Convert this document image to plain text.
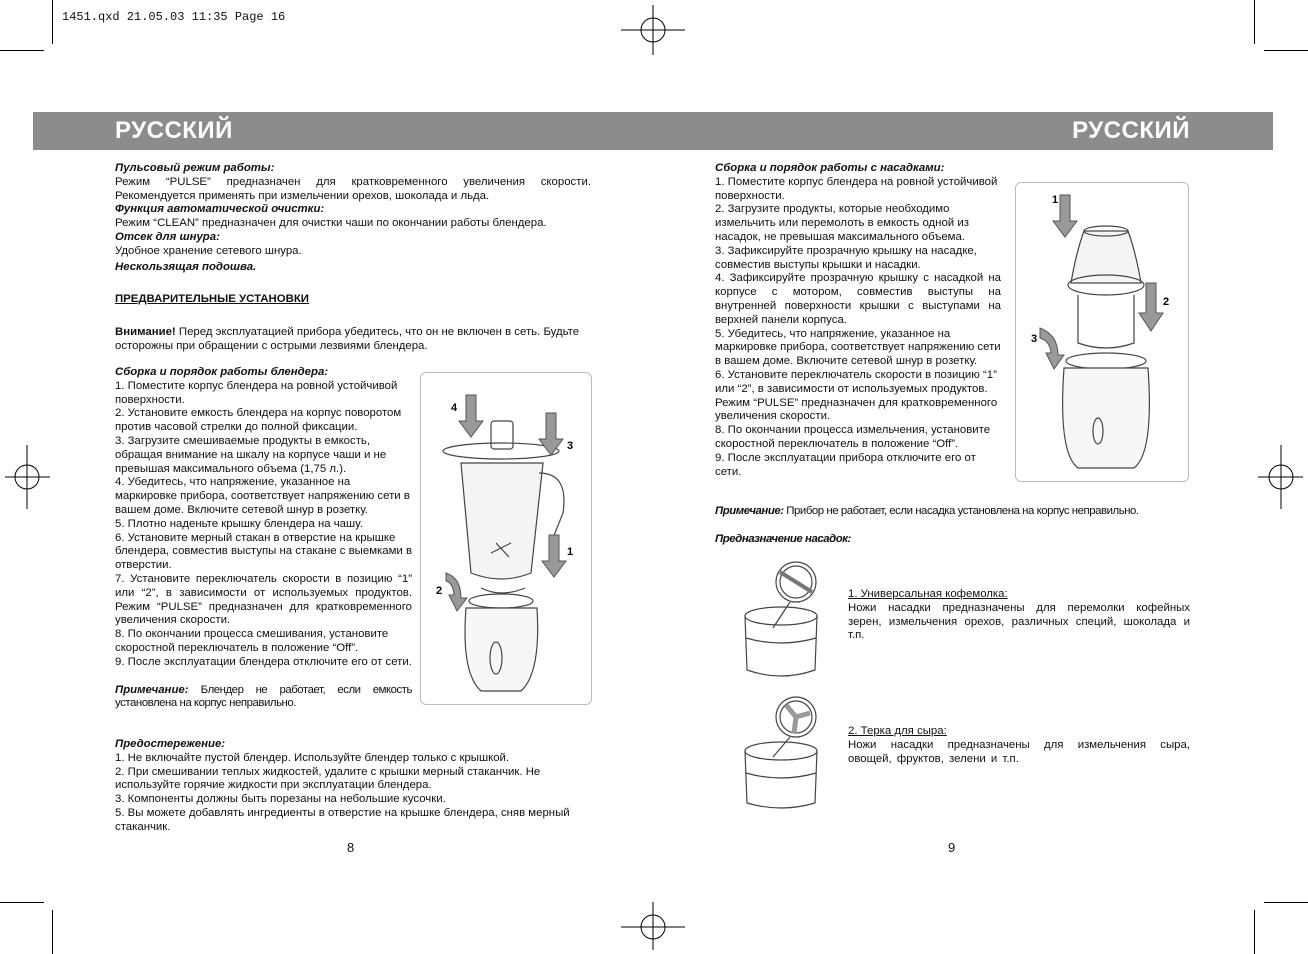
1451.qxd 21.05.03 11:35 Page 16
РУССКИЙ	РУССКИЙ
Пульсовый режим работы:
Режим “PULSE” предназначен для кратковременного увеличения скорости. Рекомендуется применять при измельчении орехов, шоколада и льда.
Функция автоматической очистки:
Режим “CLEAN” предназначен для очистки чаши по окончании работы блендера.
Отсек для шнура:
Удобное хранение сетевого шнура.
Нескользящая подошва.
ПРЕДВАРИТЕЛЬНЫЕ УСТАНОВКИ
Внимание! Перед эксплуатацией прибора убедитесь, что он не включен в сеть. Будьте осторожны при обращении с острыми лезвиями блендера.
Сборка и порядок работы блендера:
1. Поместите корпус блендера на ровной устойчивой поверхности.
2. Установите емкость блендера на корпус поворотом против часовой стрелки до полной фиксации.
3. Загрузите смешиваемые продукты в емкость, обращая внимание на шкалу на корпусе чаши и не превышая максимального объема (1,75 л.).
4. Убедитесь, что напряжение, указанное на маркировке прибора, соответствует напряжению сети в вашем доме. Включите сетевой шнур в розетку.
5. Плотно наденьте крышку блендера на чашу.
6. Установите мерный стакан в отверстие на крышке блендера, совместив выступы на стакане с выемками в отверстии.
7. Установите переключатель скорости в позицию “1” или “2”, в зависимости от используемых продуктов. Режим “PULSE” предназначен для кратковременного увеличения скорости.
8. По окончании процесса смешивания, установите скоростной переключатель в положение “Off”.
9. После эксплуатации блендера отключите его от сети.
Примечание: Блендер не работает, если емкость установлена на корпус неправильно.
Предостережение:
1. Не включайте пустой блендер. Используйте блендер только с крышкой.
2. При смешивании теплых жидкостей, удалите с крышки мерный стаканчик. Не используйте горячие жидкости при эксплуатации блендера.
3. Компоненты должны быть порезаны на небольшие кусочки.
5. Вы можете добавлять ингредиенты в отверстие на крышке блендера, сняв мерный стаканчик.
8
4
3
1
2
Сборка и порядок работы с насадками:
1. Поместите корпус блендера на ровной устойчивой поверхности.
2. Загрузите продукты, которые необходимо измельчить или перемолоть в емкость одной из насадок, не превышая максимального объема.
3. Зафиксируйте прозрачную крышку на насадке, совместив выступы крышки и насадки.
4. Зафиксируйте прозрачную крышку с насадкой на корпусе с мотором, совместив выступы на внутренней поверхности крышки с выступами на верхней панели корпуса.
5. Убедитесь, что напряжение, указанное на маркировке прибора, соответствует напряжению сети в вашем доме. Включите сетевой шнур в розетку.
6. Установите переключатель скорости в позицию “1” или “2”, в зависимости от используемых продуктов. Режим “PULSE” предназначен для кратковременного увеличения скорости.
8. По окончании процесса измельчения, установите скоростной переключатель в положение “Off”.
9. После эксплуатации прибора отключите его от сети.
Примечание: Прибор не работает, если насадка установлена на корпус неправильно.
Предназначение насадок:
1
2
3
1. Универсальная кофемолка:
Ножи насадки предназначены для перемолки кофейных зерен, измельчения орехов, различных специй, шоколада и т.п.
2. Терка для сыра:
Ножи насадки предназначены для измельчения сыра, овощей, фруктов, зелени и т.п.
9
